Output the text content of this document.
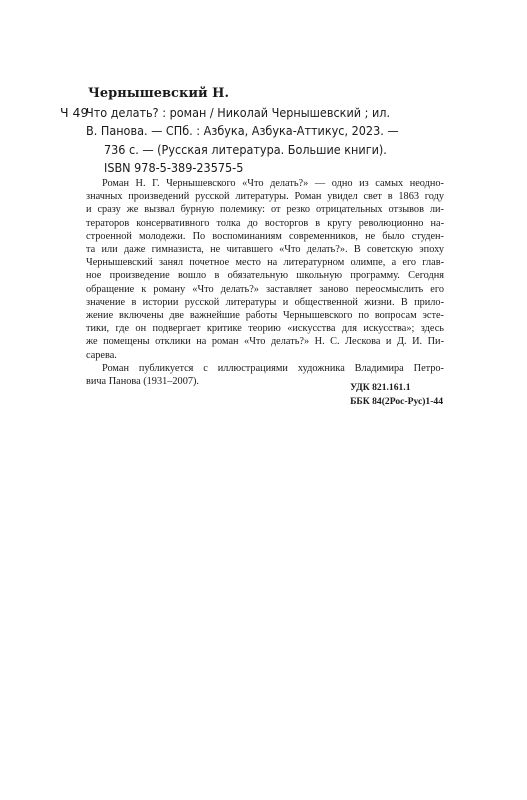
Чернышевский Н.
Ч 49
Что делать? : роман / Николай Чернышевский ; ил.
В. Панова. — СПб. : Азбука, Азбука-Аттикус, 2023. —
736 с. — (Русская литература. Большие книги).
ISBN 978-5-389-23575-5
Роман Н. Г. Чернышевского «Что делать?» — одно из самых неодно-
значных произведений русской литературы. Роман увидел свет в 1863 году
и сразу же вызвал бурную полемику: от резко отрицательных отзывов ли-
тераторов консервативного толка до восторгов в кругу революционно на-
строенной молодежи. По воспоминаниям современников, не было студен-
та или даже гимназиста, не читавшего «Что делать?». В советскую эпоху
Чернышевский занял почетное место на литературном олимпе, а его глав-
ное произведение вошло в обязательную школьную программу. Сегодня
обращение к роману «Что делать?» заставляет заново переосмыслить его
значение в истории русской литературы и общественной жизни. В прило-
жение включены две важнейшие работы Чернышевского по вопросам эсте-
тики, где он подвергает критике теорию «искусства для искусства»; здесь
же помещены отклики на роман «Что делать?» Н. С. Лескова и Д. И. Пи-
сарева.
Роман публикуется с иллюстрациями художника Владимира Петро-
вича Панова (1931–2007).
УДК 821.161.1
ББК 84(2Рос-Рус)1-44
